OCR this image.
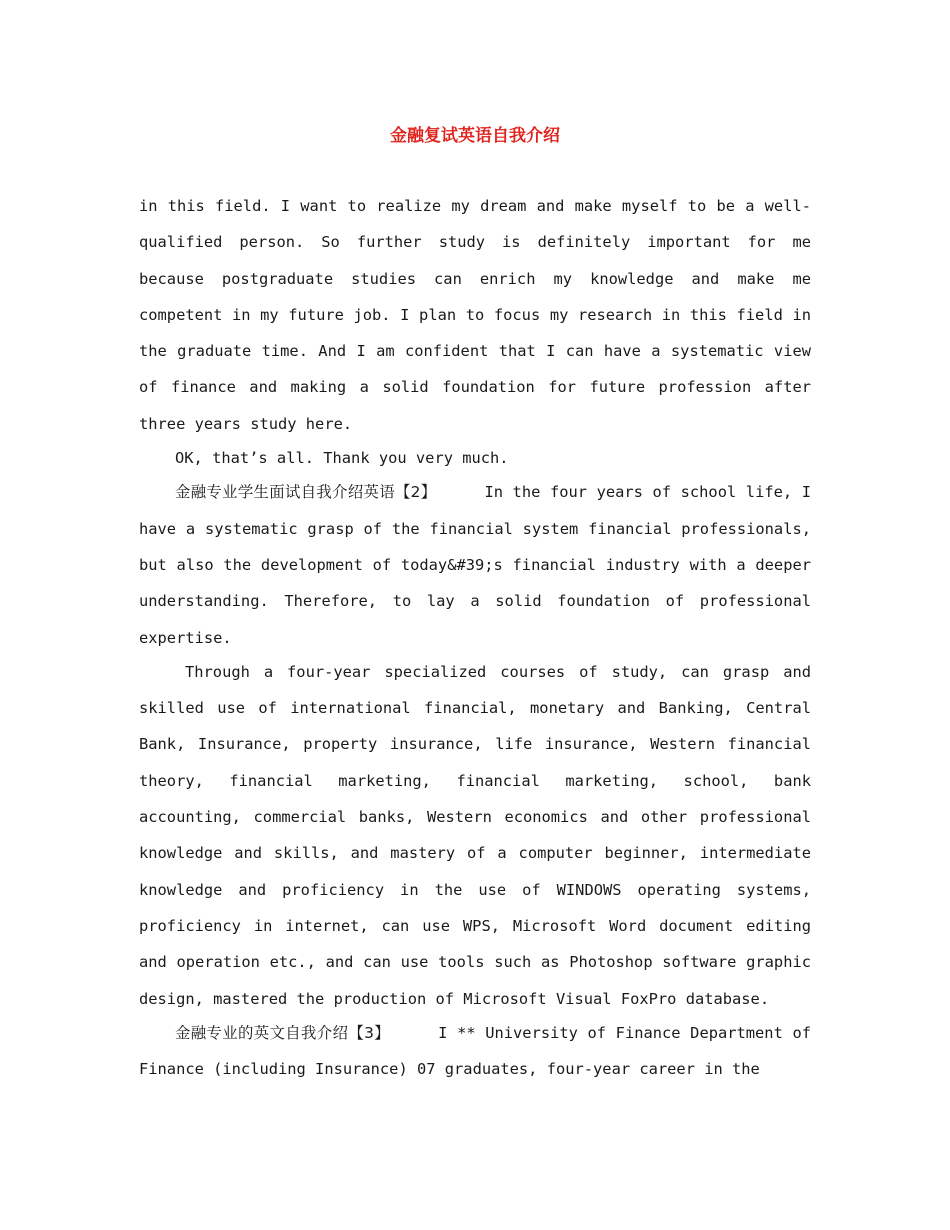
金融复试英语自我介绍

in this field. I want to realize my dream and make myself to be a well-qualified person. So further study is definitely important for me because postgraduate studies can enrich my knowledge and make me competent in my future job. I plan to focus my research in this field in the graduate time. And I am confident that I can have a systematic view of finance and making a solid foundation for future profession after three years study here.

OK, that’s all. Thank you very much.

金融专业学生面试自我介绍英语【2】	In the four years of school life, I have a systematic grasp of the financial system financial professionals, but also the development of today&#39;s financial industry with a deeper understanding. Therefore, to lay a solid foundation of professional expertise.

Through a four-year specialized courses of study, can grasp and skilled use of international financial, monetary and Banking, Central Bank, Insurance, property insurance, life insurance, Western financial theory, financial marketing, financial marketing, school, bank accounting, commercial banks, Western economics and other professional knowledge and skills, and mastery of a computer beginner, intermediate knowledge and proficiency in the use of WINDOWS operating systems, proficiency in internet, can use WPS, Microsoft Word document editing and operation etc., and can use tools such as Photoshop software graphic design, mastered the production of Microsoft Visual FoxPro database.

金融专业的英文自我介绍【3】	I ** University of Finance Department of Finance (including Insurance) 07 graduates, four-year career in the
